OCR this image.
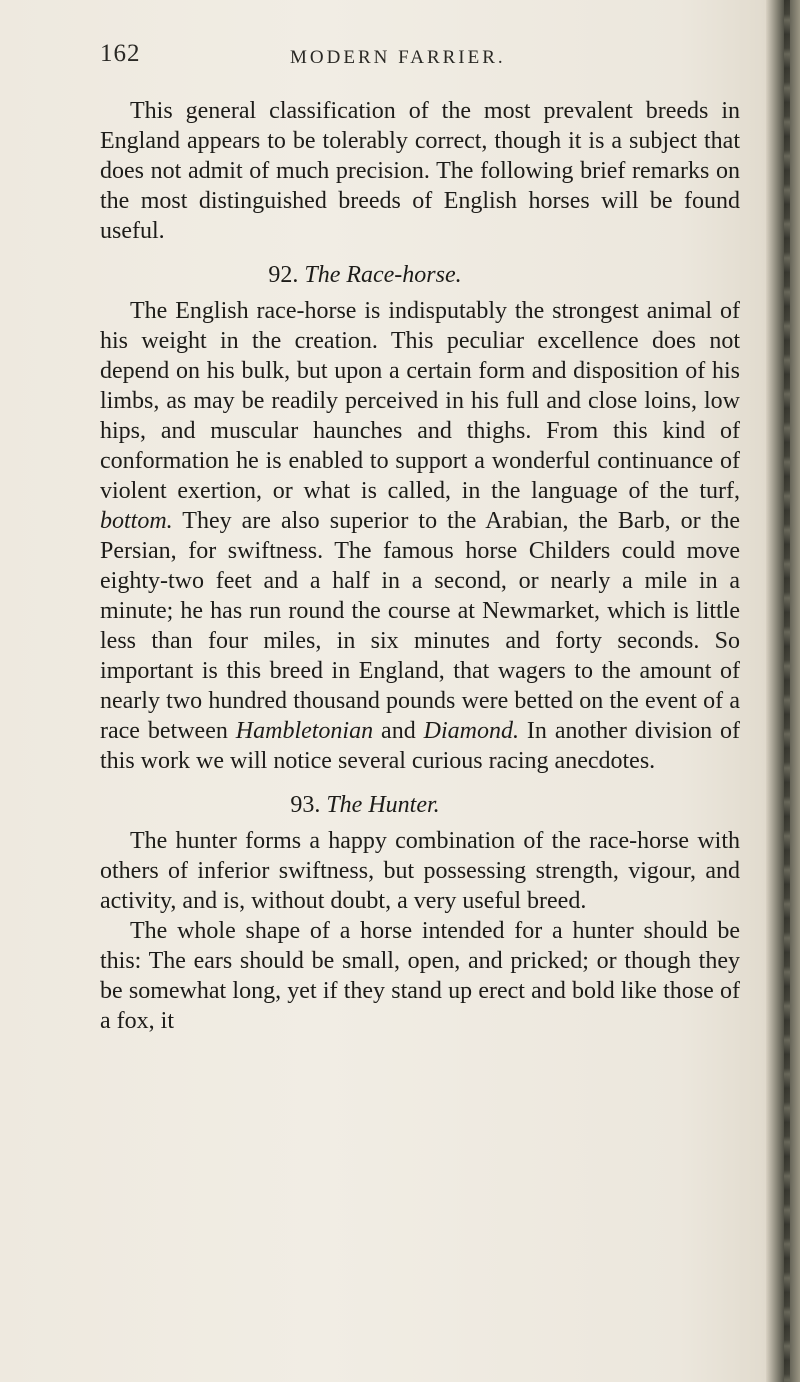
162	MODERN FARRIER.

This general classification of the most prevalent breeds in England appears to be tolerably correct, though it is a subject that does not admit of much precision. The following brief remarks on the most distinguished breeds of English horses will be found useful.

92. The Race-horse.

The English race-horse is indisputably the strongest animal of his weight in the creation. This peculiar excellence does not depend on his bulk, but upon a certain form and disposition of his limbs, as may be readily perceived in his full and close loins, low hips, and muscular haunches and thighs. From this kind of conformation he is enabled to support a wonderful continuance of violent exertion, or what is called, in the language of the turf, bottom. They are also superior to the Arabian, the Barb, or the Persian, for swiftness. The famous horse Childers could move eighty-two feet and a half in a second, or nearly a mile in a minute; he has run round the course at Newmarket, which is little less than four miles, in six minutes and forty seconds. So important is this breed in England, that wagers to the amount of nearly two hundred thousand pounds were betted on the event of a race between Hambletonian and Diamond. In another division of this work we will notice several curious racing anecdotes.

93. The Hunter.

The hunter forms a happy combination of the race-horse with others of inferior swiftness, but possessing strength, vigour, and activity, and is, without doubt, a very useful breed.

The whole shape of a horse intended for a hunter should be this: The ears should be small, open, and pricked; or though they be somewhat long, yet if they stand up erect and bold like those of a fox, it
